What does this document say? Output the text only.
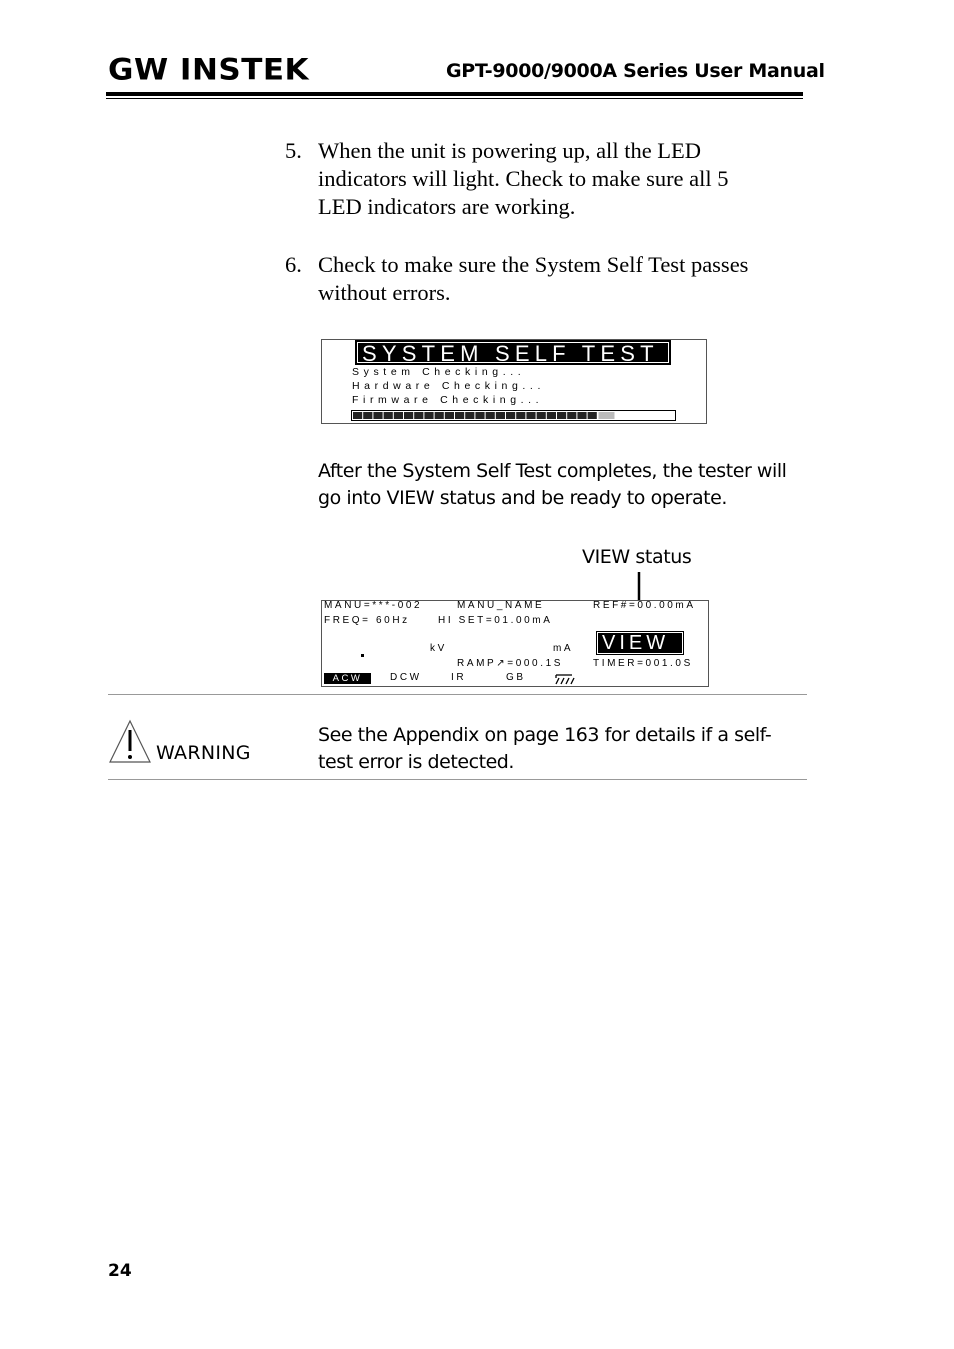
GW INSTEK	GPT-9000/9000A Series User Manual
5. When the unit is powering up, all the LED
indicators will light. Check to make sure all 5
LED indicators are working.
6. Check to make sure the System Self Test passes
without errors.
SYSTEM SELF TEST
System Checking...
Hardware Checking...
Firmware Checking...
After the System Self Test completes, the tester will
go into VIEW status and be ready to operate.
VIEW status
MANU=***-002	MANU_NAME	REF#=00.00mA
FREQ= 60Hz	HI SET=01.00mA
kV	mA VIEW
RAMP↗=000.1S	TIMER=001.0S
ACW	DCW	IR	GB
WARNING
See the Appendix on page 163 for details if a self-
test error is detected.
24
